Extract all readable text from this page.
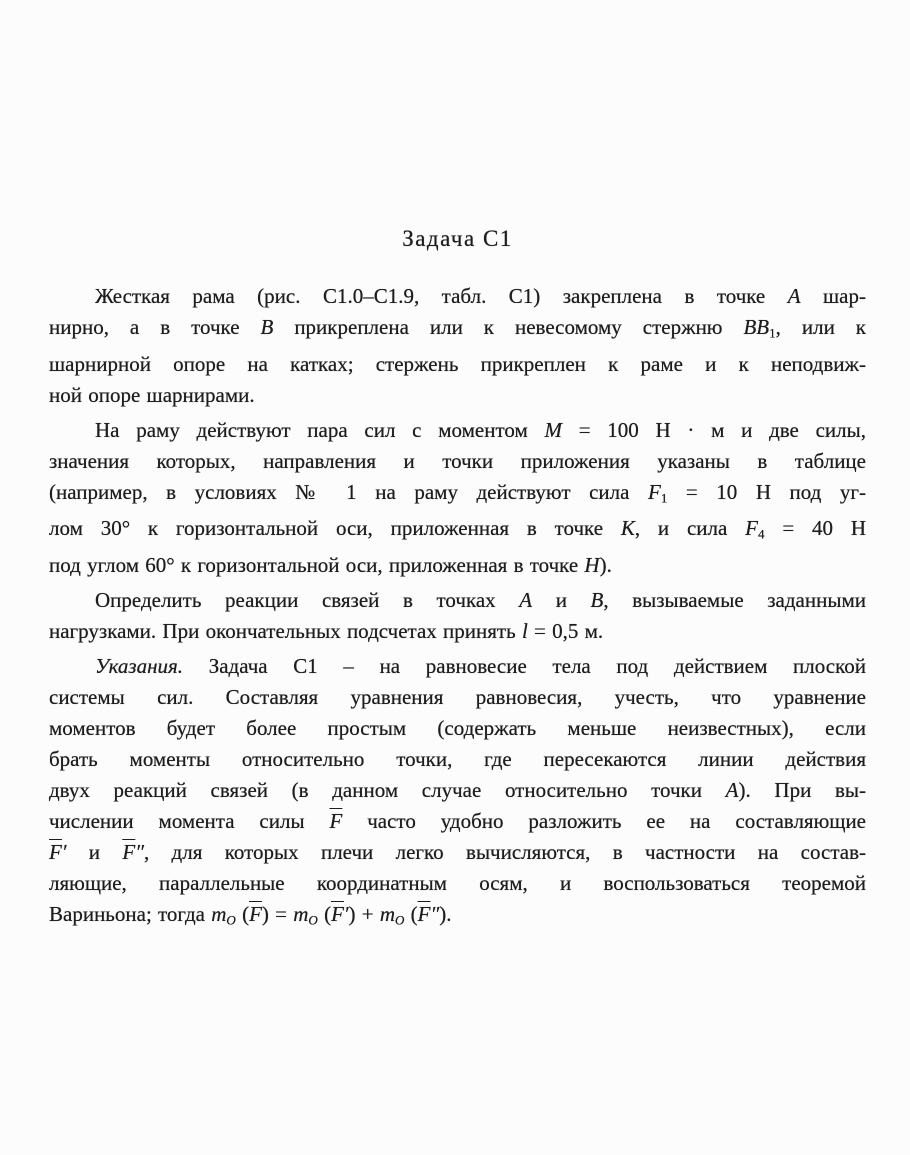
Задача С1
Жесткая рама (рис. С1.0–С1.9, табл. С1) закреплена в точке A шар-
нирно, а в точке B прикреплена или к невесомому стержню BB1, или к
шарнирной опоре на катках; стержень прикреплен к раме и к неподвиж-
ной опоре шарнирами.
На раму действуют пара сил с моментом M = 100 Н · м и две силы,
значения которых, направления и точки приложения указаны в таблице
(например, в условиях № 1 на раму действуют сила F1 = 10 Н под уг-
лом 30° к горизонтальной оси, приложенная в точке K, и сила F4 = 40 Н
под углом 60° к горизонтальной оси, приложенная в точке H).
Определить реакции связей в точках A и B, вызываемые заданными
нагрузками. При окончательных подсчетах принять l = 0,5 м.
Указания. Задача С1 – на равновесие тела под действием плоской
системы сил. Составляя уравнения равновесия, учесть, что уравнение
моментов будет более простым (содержать меньше неизвестных), если
брать моменты относительно точки, где пересекаются линии действия
двух реакций связей (в данном случае относительно точки A). При вы-
числении момента силы $\overline{F}$ часто удобно разложить ее на составляющие
$\overline{F}'$ и $\overline{F}''$, для которых плечи легко вычисляются, в частности на состав-
ляющие, параллельные координатным осям, и воспользоваться теоремой
Вариньона; тогда mO $(\overline{F})$ = mO $(\overline{F}')$ + mO $(\overline{F}'')$.
